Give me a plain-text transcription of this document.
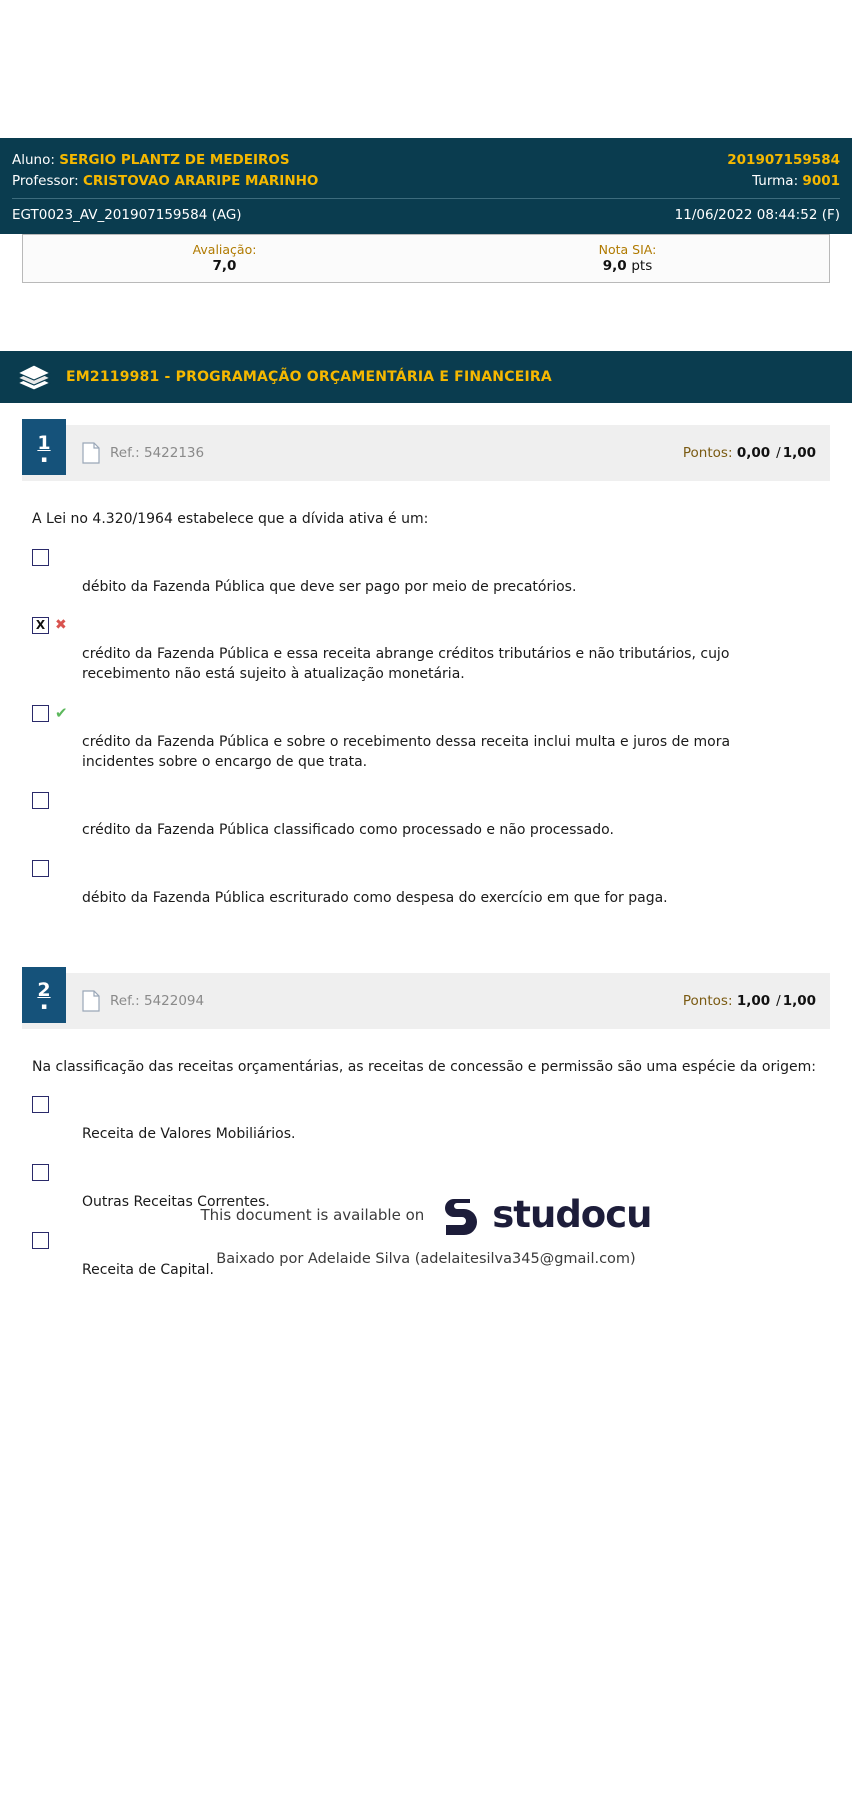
Aluno: SERGIO PLANTZ DE MEDEIROS	201907159584
Professor: CRISTOVAO ARARIPE MARINHO	Turma: 9001
EGT0023_AV_201907159584 (AG)	11/06/2022 08:44:52 (F)
Avaliação:
7,0
Nota SIA:
9,0 pts
EM2119981 - PROGRAMAÇÃO ORÇAMENTÁRIA E FINANCEIRA
1
▪	Ref.: 5422136	Pontos:
0,00 / 1,00
A Lei no 4.320/1964 estabelece que a dívida ativa é um:
débito da Fazenda Pública que deve ser pago por meio de precatórios.
X ✖
crédito da Fazenda Pública e essa receita abrange créditos tributários e não tributários, cujo recebimento não está sujeito à atualização monetária.
✔
crédito da Fazenda Pública e sobre o recebimento dessa receita inclui multa e juros de mora incidentes sobre o encargo de que trata.
crédito da Fazenda Pública classificado como processado e não processado.
débito da Fazenda Pública escriturado como despesa do exercício em que for paga.
2
▪	Ref.: 5422094	Pontos:
1,00 / 1,00
Na classificação das receitas orçamentárias, as receitas de concessão e permissão são uma espécie da origem:
Receita de Valores Mobiliários.
Outras Receitas Correntes.
Receita de Capital.
This document is available on studocu
Baixado por Adelaide Silva (adelaitesilva345@gmail.com)
